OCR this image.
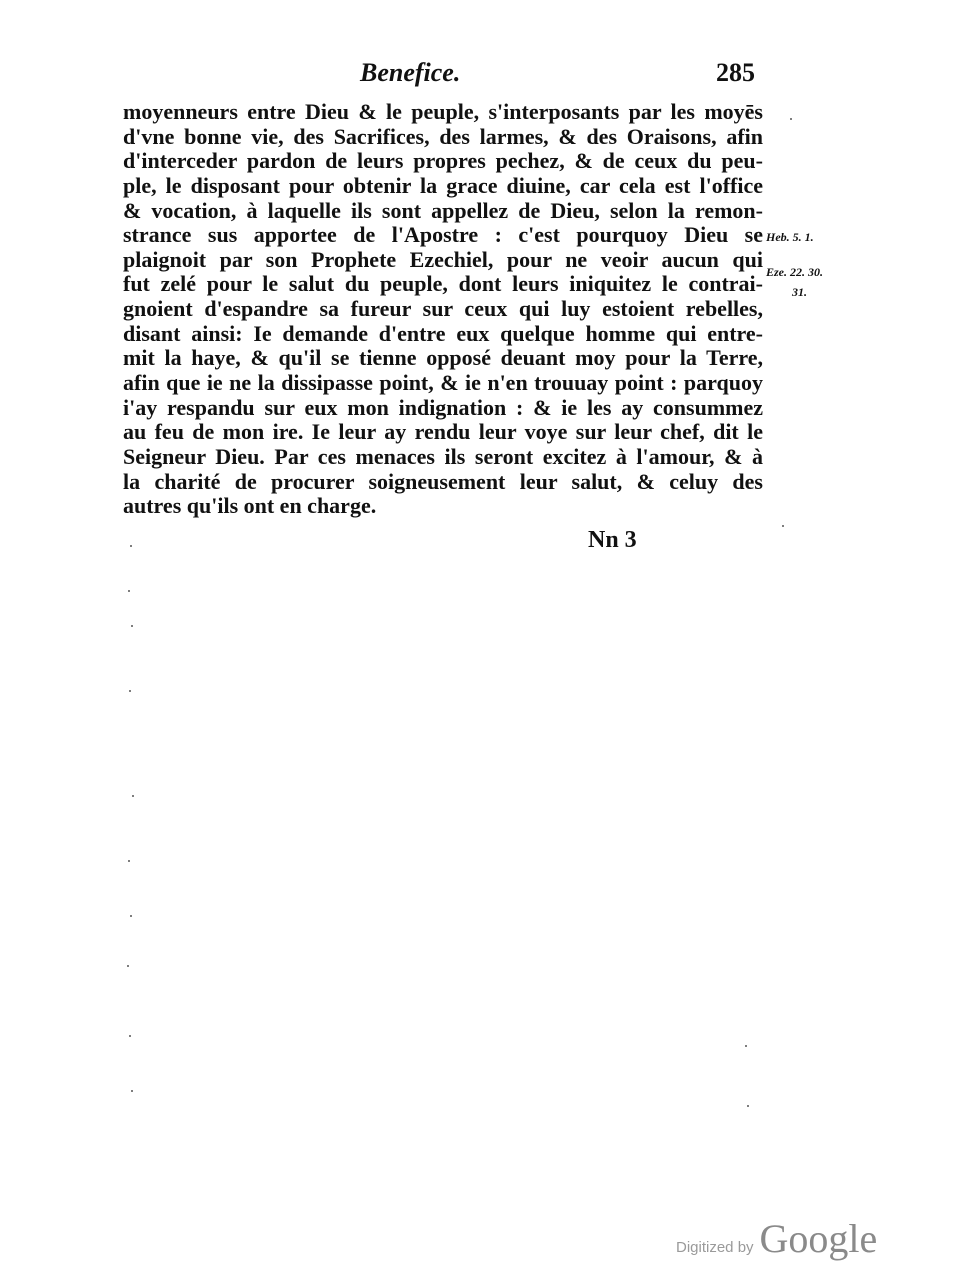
Benefice.	285
moyenneurs entre Dieu & le peuple, s'interposants par les moyēs
d'vne bonne vie, des Sacrifices, des larmes, & des Oraisons, afin
d'interceder pardon de leurs propres pechez, & de ceux du peu-
ple, le disposant pour obtenir la grace diuine, car cela est l'office
& vocation, à laquelle ils sont appellez de Dieu, selon la remon-
strance sus apportee de l'Apostre : c'est pourquoy Dieu se
plaignoit par son Prophete Ezechiel, pour ne veoir aucun qui
fut zelé pour le salut du peuple, dont leurs iniquitez le contrai-
gnoient d'espandre sa fureur sur ceux qui luy estoient rebelles,
disant ainsi: Ie demande d'entre eux quelque homme qui entre-
mit la haye, & qu'il se tienne opposé deuant moy pour la Terre,
afin que ie ne la dissipasse point, & ie n'en trouuay point : parquoy
i'ay respandu sur eux mon indignation : & ie les ay consummez
au feu de mon ire. Ie leur ay rendu leur voye sur leur chef, dit le
Seigneur Dieu. Par ces menaces ils seront excitez à l'amour, & à
la charité de procurer soigneusement leur salut, & celuy des
autres qu'ils ont en charge.
Heb. 5. 1.
Eze. 22. 30.
31.
Nn 3
Digitized by Google
